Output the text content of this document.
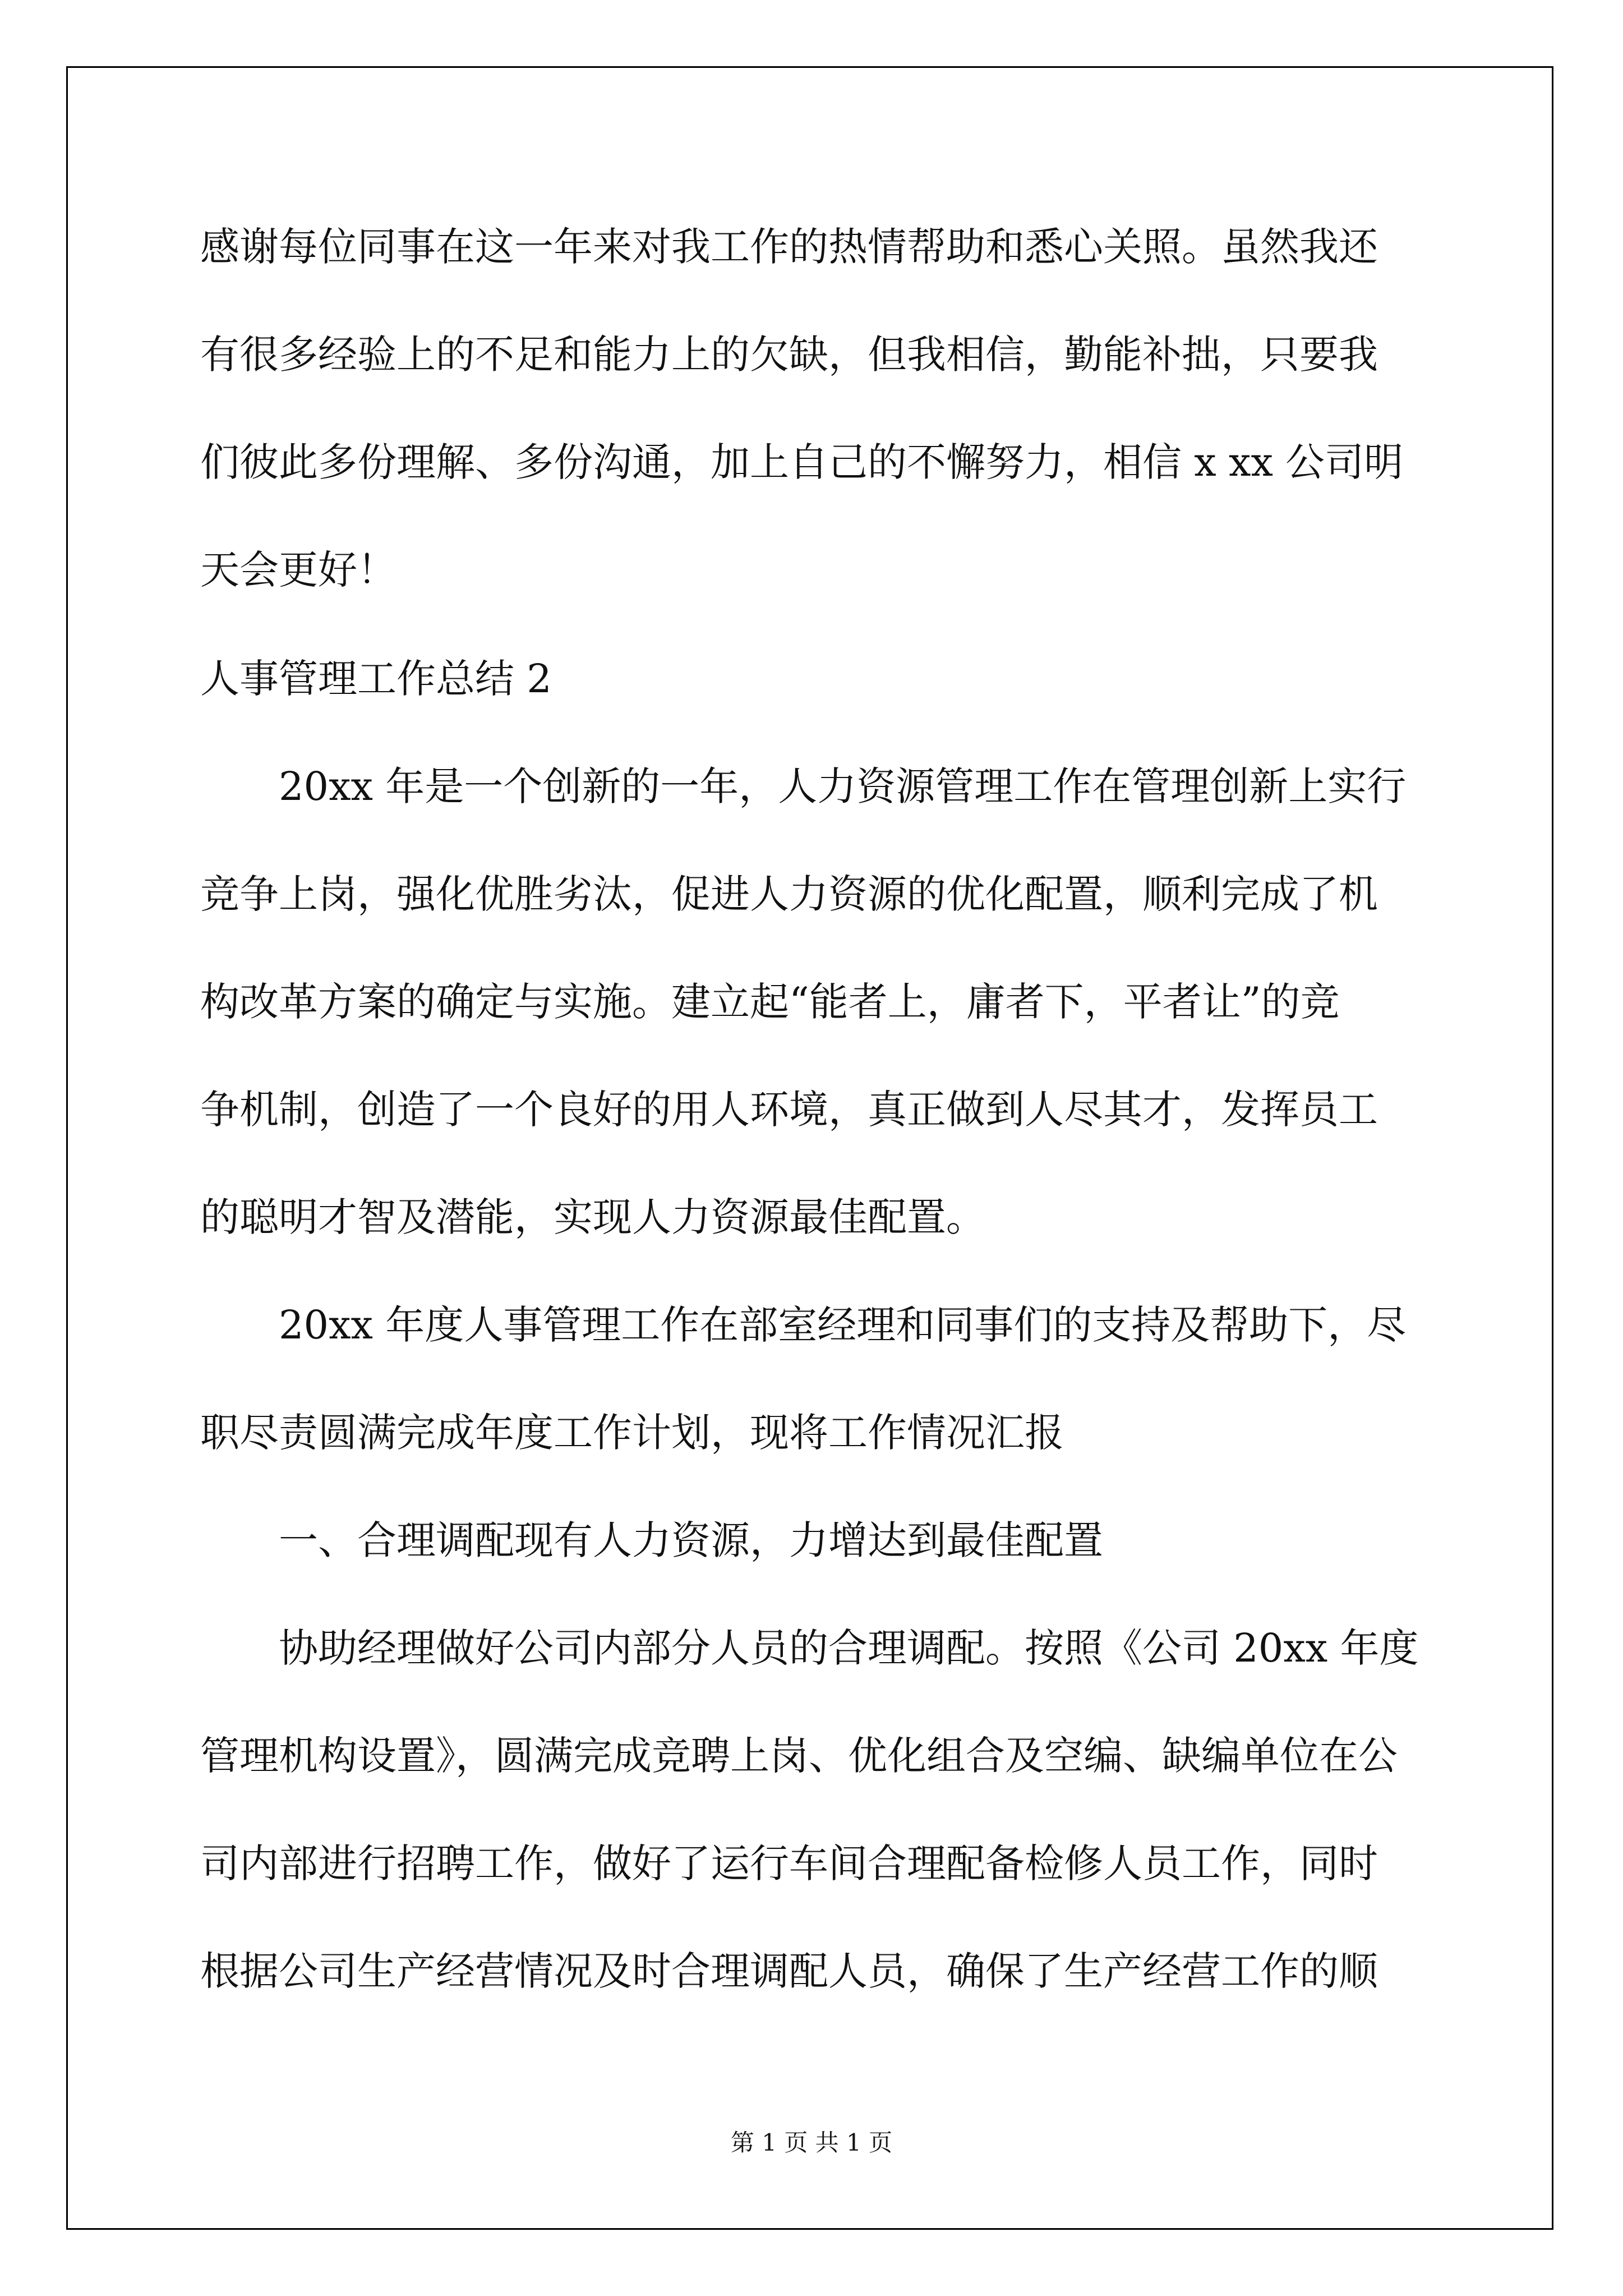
感谢每位同事在这一年来对我工作的热情帮助和悉心关照。虽然我还

有很多经验上的不足和能力上的欠缺，但我相信，勤能补拙，只要我

们彼此多份理解、多份沟通，加上自己的不懈努力，相信 x xx 公司明

天会更好！

人事管理工作总结 2

20xx 年是一个创新的一年，人力资源管理工作在管理创新上实行

竞争上岗，强化优胜劣汰，促进人力资源的优化配置，顺利完成了机

构改革方案的确定与实施。建立起“能者上，庸者下，平者让”的竞

争机制，创造了一个良好的用人环境，真正做到人尽其才，发挥员工

的聪明才智及潜能，实现人力资源最佳配置。

20xx 年度人事管理工作在部室经理和同事们的支持及帮助下，尽

职尽责圆满完成年度工作计划，现将工作情况汇报

一、合理调配现有人力资源，力增达到最佳配置

协助经理做好公司内部分人员的合理调配。按照《公司 20xx 年度

管理机构设置》，圆满完成竞聘上岗、优化组合及空编、缺编单位在公

司内部进行招聘工作，做好了运行车间合理配备检修人员工作，同时

根据公司生产经营情况及时合理调配人员，确保了生产经营工作的顺

第 1 页 共 1 页
